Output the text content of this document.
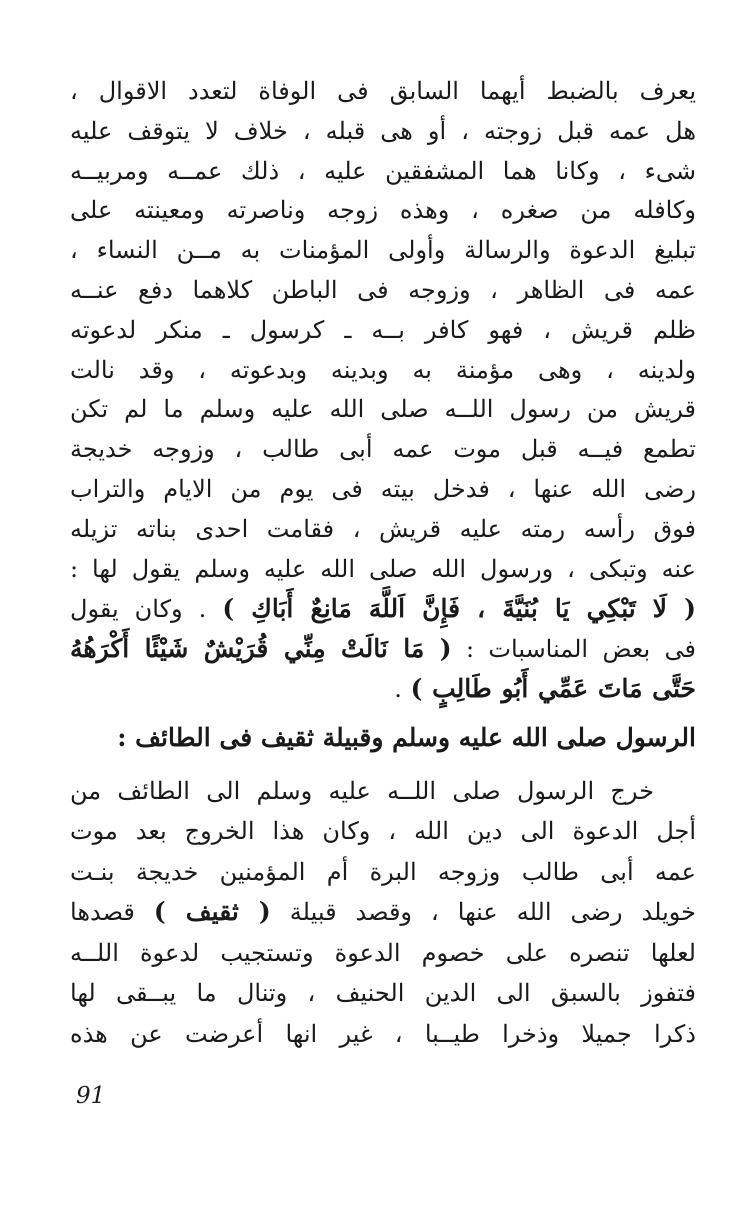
يعرف بالضبط أيهما السابق فى الوفاة لتعدد الاقوال ،

هل عمه قبل زوجته ، أو هى قبله ، خلاف لا يتوقف عليه

شىء ، وكانا هما المشفقين عليه ، ذلك عمــه ومربيــه

وكافله من صغره ، وهذه زوجه وناصرته ومعينته على

تبليغ الدعوة والرسالة وأولى المؤمنات به مــن النساء ،

عمه فى الظاهر ، وزوجه فى الباطن كلاهما دفع عنــه

ظلم قريش ، فهو كافر بــه ـ كرسول ـ منكر لدعوته

ولدينه ، وهى مؤمنة به وبدينه وبدعوته ، وقد نالت

قريش من رسول اللــه صلى الله عليه وسلم ما لم تكن

تطمع فيــه قبل موت عمه أبى طالب ، وزوجه خديجة

رضى الله عنها ، فدخل بيته فى يوم من الايام والتراب

فوق رأسه رمته عليه قريش ، فقامت احدى بناته تزيله

عنه وتبكى ، ورسول الله صلى الله عليه وسلم يقول لها :

( لَا تَبْكِي يَا بُنَيَّةَ ، فَإِنَّ اَللَّهَ مَانِعٌ أَبَاكِ ) . وكان يقول

فى بعض المناسبات : ( مَا نَالَتْ مِنِّي قُرَيْشٌ شَيْئًا أَكْرَهُهُ

حَتَّى مَاتَ عَمِّي أَبُو طَالِبٍ ) .

الرسول صلى الله عليه وسلم وقبيلة ثقيف فى الطائف :

خرج الرسول صلى اللــه عليه وسلم الى الطائف من

أجل الدعوة الى دين الله ، وكان هذا الخروج بعد موت

عمه أبى طالب وزوجه البرة أم المؤمنين خديجة بنـت

خويلد رضى الله عنها ، وقصد قبيلة ( ثقيف ) قصدها

لعلها تنصره على خصوم الدعوة وتستجيب لدعوة اللــه

فتفوز بالسبق الى الدين الحنيف ، وتنال ما يبــقى لها

ذكرا جميلا وذخرا طيــبا ، غير انها أعرضت عن هذه

91
